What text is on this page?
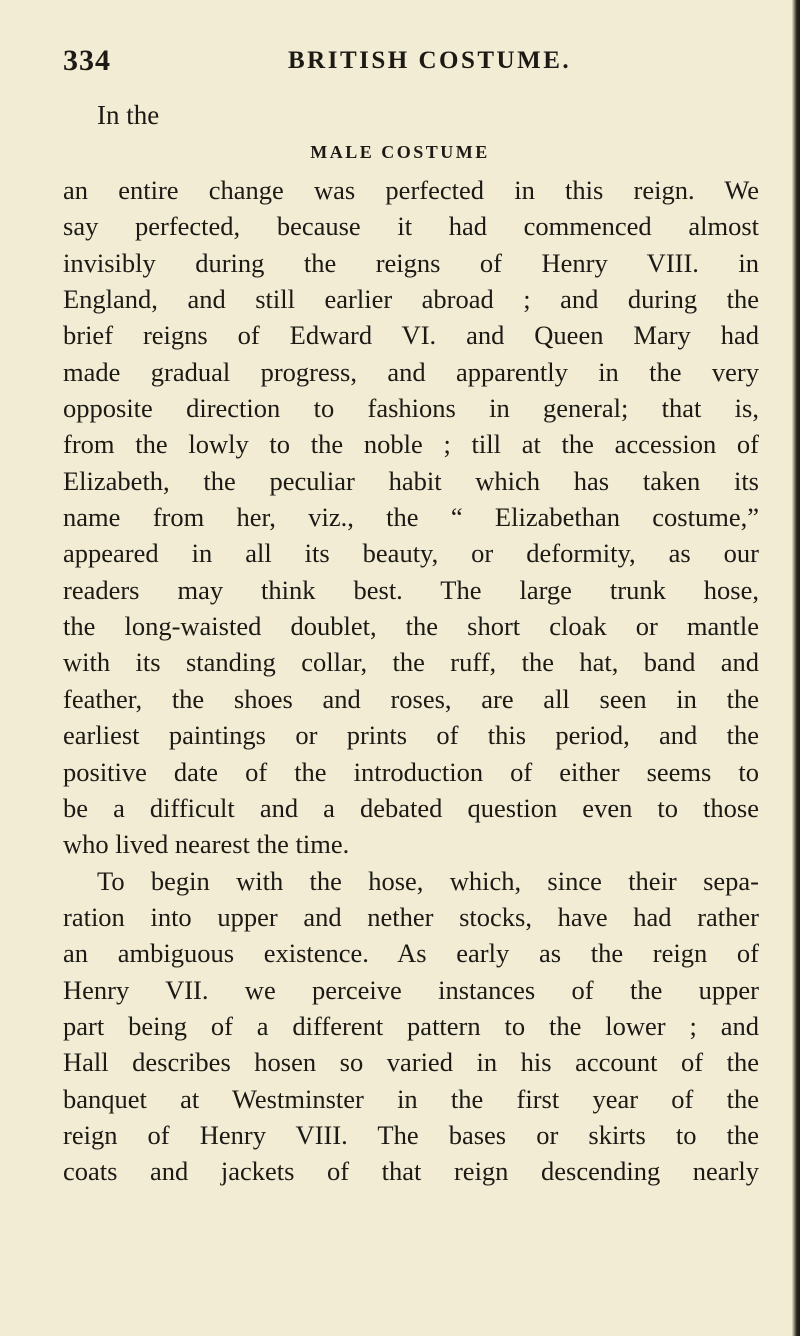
334	BRITISH COSTUME.
In the
MALE COSTUME
an entire change was perfected in this reign. We
say perfected, because it had commenced almost
invisibly during the reigns of Henry VIII. in
England, and still earlier abroad ; and during the
brief reigns of Edward VI. and Queen Mary had
made gradual progress, and apparently in the very
opposite direction to fashions in general; that is,
from the lowly to the noble ; till at the accession of
Elizabeth, the peculiar habit which has taken its
name from her, viz., the “ Elizabethan costume,”
appeared in all its beauty, or deformity, as our
readers may think best. The large trunk hose,
the long-waisted doublet, the short cloak or mantle
with its standing collar, the ruff, the hat, band and
feather, the shoes and roses, are all seen in the
earliest paintings or prints of this period, and the
positive date of the introduction of either seems to
be a difficult and a debated question even to those
who lived nearest the time.
To begin with the hose, which, since their sepa-
ration into upper and nether stocks, have had rather
an ambiguous existence. As early as the reign of
Henry VII. we perceive instances of the upper
part being of a different pattern to the lower ; and
Hall describes hosen so varied in his account of the
banquet at Westminster in the first year of the
reign of Henry VIII. The bases or skirts to the
coats and jackets of that reign descending nearly
